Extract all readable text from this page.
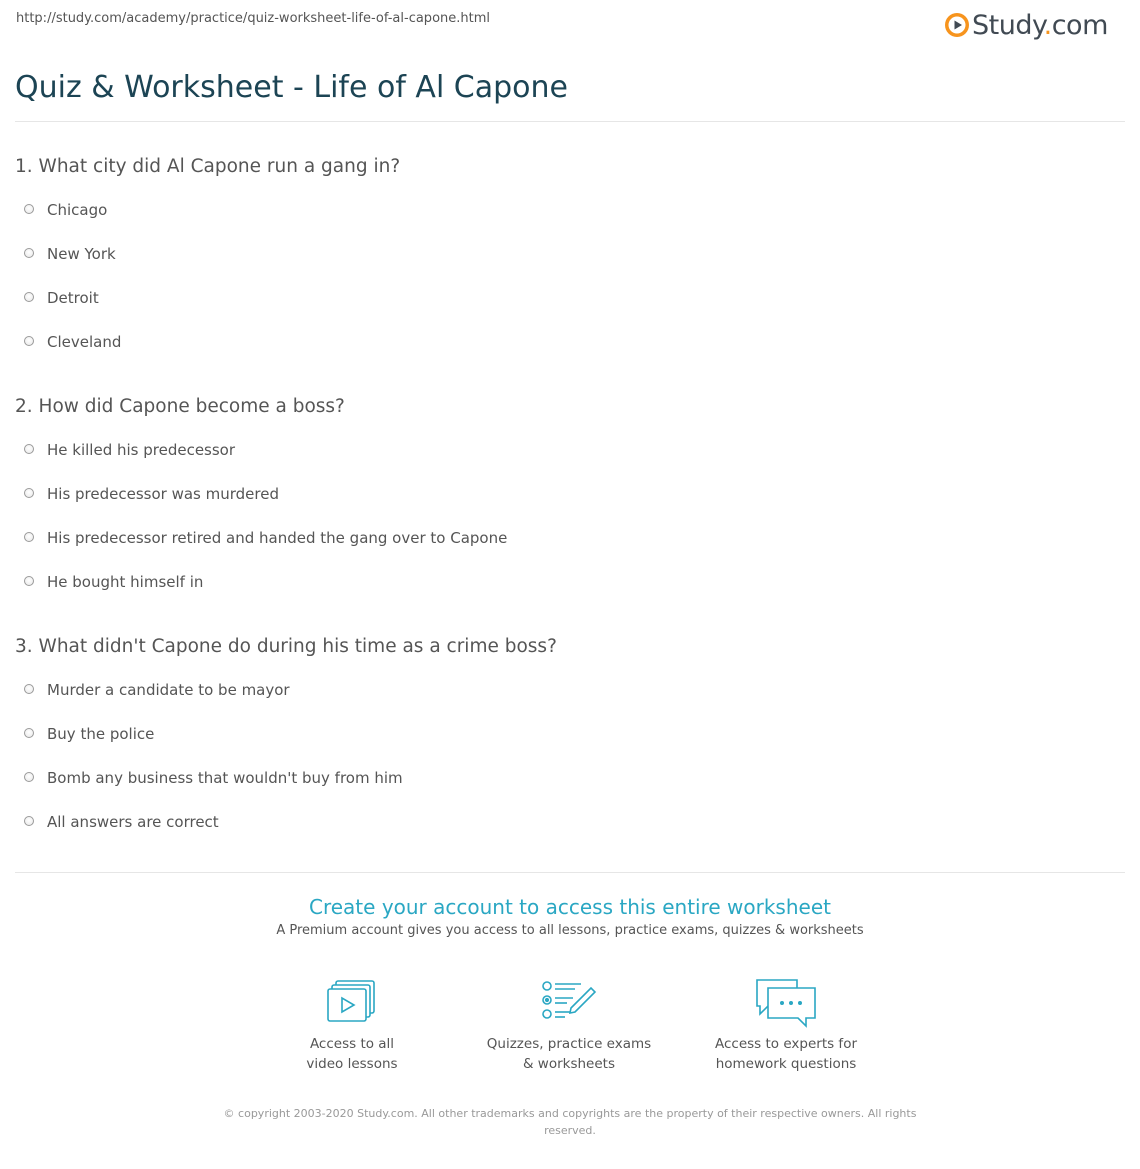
http://study.com/academy/practice/quiz-worksheet-life-of-al-capone.html	Study.com
Quiz & Worksheet - Life of Al Capone
1. What city did Al Capone run a gang in?
Chicago
New York
Detroit
Cleveland
2. How did Capone become a boss?
He killed his predecessor
His predecessor was murdered
His predecessor retired and handed the gang over to Capone
He bought himself in
3. What didn't Capone do during his time as a crime boss?
Murder a candidate to be mayor
Buy the police
Bomb any business that wouldn't buy from him
All answers are correct
Create your account to access this entire worksheet

A Premium account gives you access to all lessons, practice exams, quizzes & worksheets

Access to all
video lessons
Quizzes, practice exams
& worksheets
Access to experts for
homework questions
© copyright 2003-2020 Study.com. All other trademarks and copyrights are the property of their respective owners. All rights
reserved.
